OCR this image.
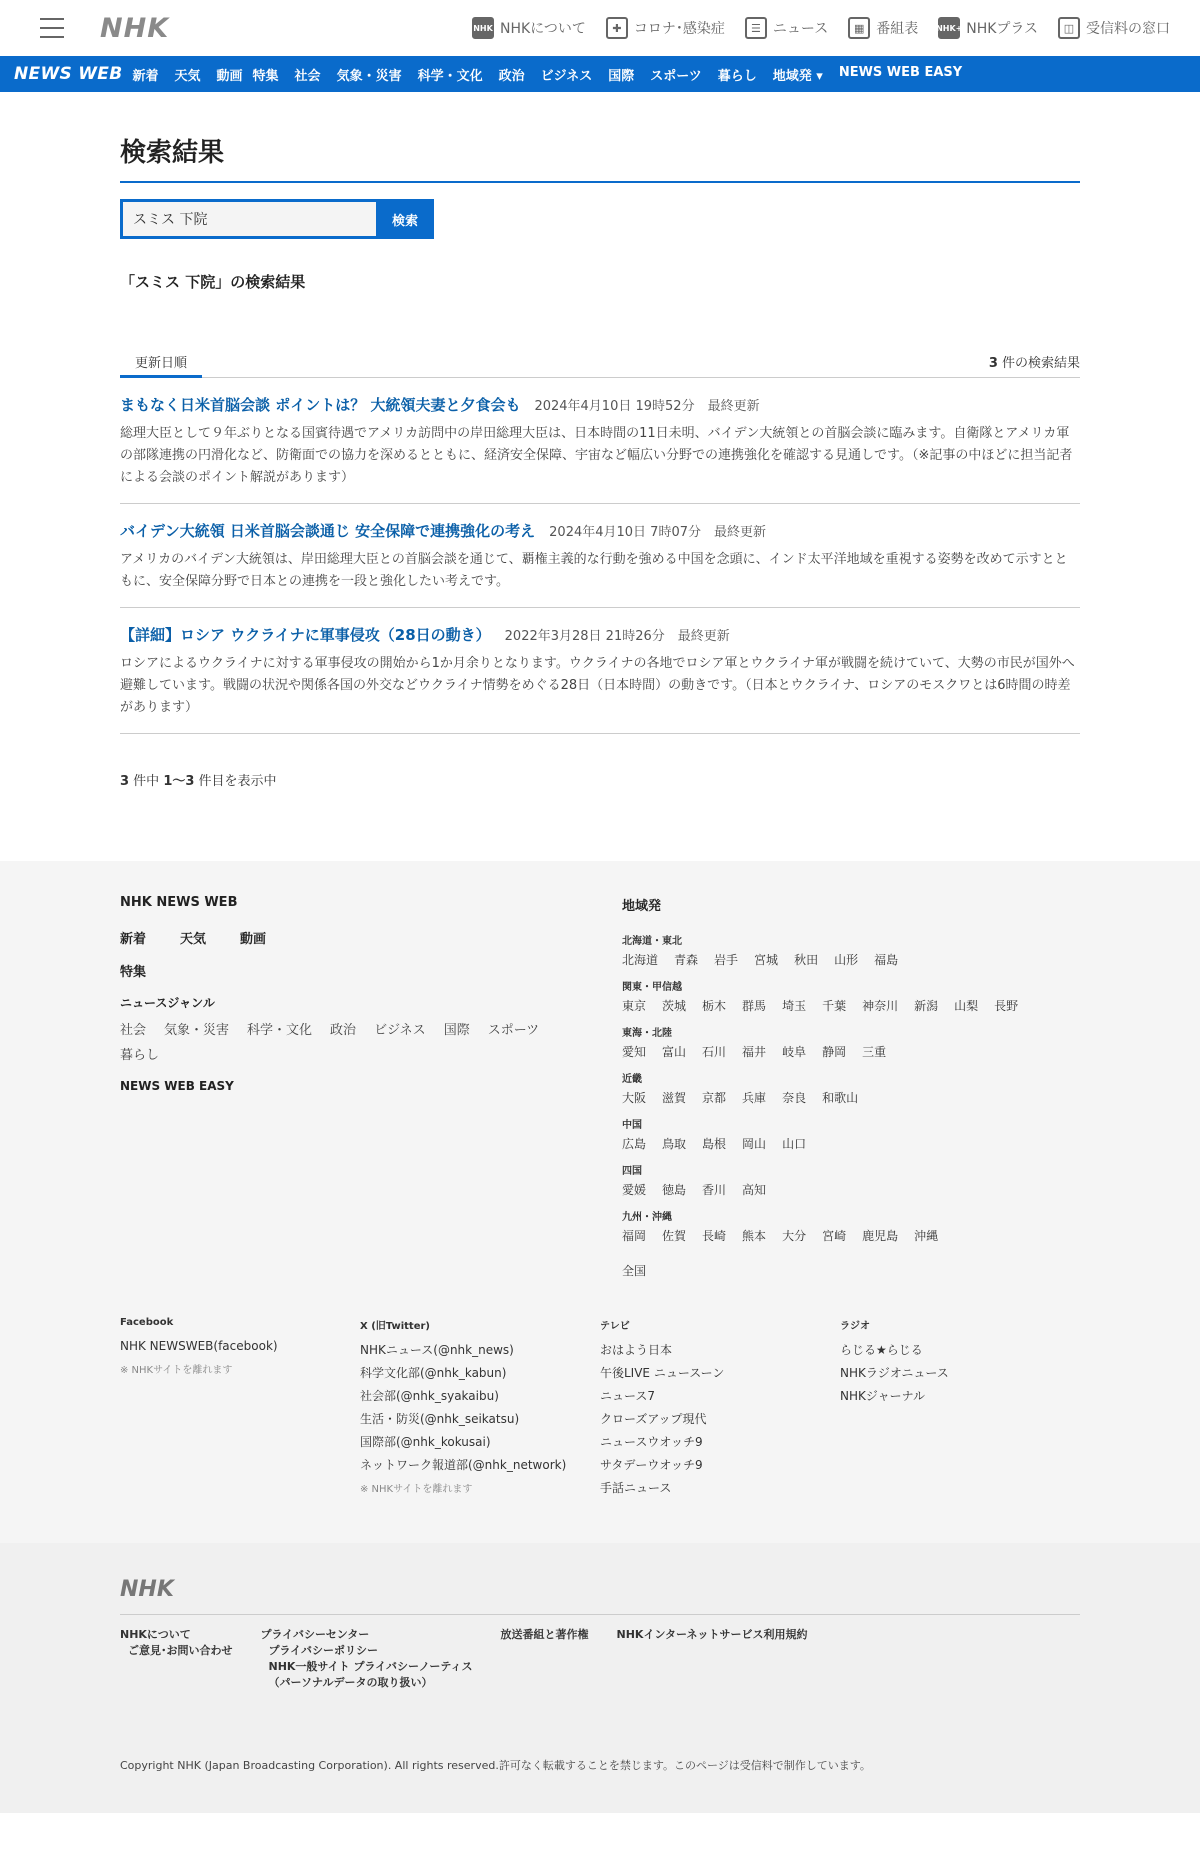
NHK	NHK NHKについて	✚ コロナ･感染症	☰ ニュース	▦ 番組表 NHK+ NHKプラス	◫ 受信料の窓口
NEWS WEB 新着 天気 動画 特集 社会 気象・災害 科学・文化 政治 ビジネス 国際 スポーツ 暮らし 地域発 ▾ NEWS WEB EASY
検索結果
スミス 下院
検索
「スミス 下院」の検索結果
更新日順	3 件の検索結果
まもなく日米首脳会談 ポイントは？ 大統領夫妻と夕食会も 2024年4月10日 19時52分　最終更新

総理大臣として９年ぶりとなる国賓待遇でアメリカ訪問中の岸田総理大臣は、日本時間の11日未明、バイデン大統領との首脳会談に臨みます。自衛隊とアメリカ軍の部隊連携の円滑化など、防衛面での協力を深めるとともに、経済安全保障、宇宙など幅広い分野での連携強化を確認する見通しです。（※記事の中ほどに担当記者による会談のポイント解説があります）

バイデン大統領 日米首脳会談通じ 安全保障で連携強化の考え 2024年4月10日 7時07分　最終更新

アメリカのバイデン大統領は、岸田総理大臣との首脳会談を通じて、覇権主義的な行動を強める中国を念頭に、インド太平洋地域を重視する姿勢を改めて示すとともに、安全保障分野で日本との連携を一段と強化したい考えです。

【詳細】ロシア ウクライナに軍事侵攻（28日の動き） 2022年3月28日 21時26分　最終更新

ロシアによるウクライナに対する軍事侵攻の開始から1か月余りとなります。ウクライナの各地でロシア軍とウクライナ軍が戦闘を続けていて、大勢の市民が国外へ避難しています。戦闘の状況や関係各国の外交などウクライナ情勢をめぐる28日（日本時間）の動きです。（日本とウクライナ、ロシアのモスクワとは6時間の時差があります）

3 件中 1〜3 件目を表示中
NHK NEWS WEB
新着	天気	動画
特集
ニュースジャンル
社会 気象・災害 科学・文化 政治 ビジネス 国際 スポーツ
暮らし
NEWS WEB EASY
地域発
北海道・東北
北海道 青森 岩手 宮城 秋田 山形 福島
関東・甲信越
東京 茨城 栃木 群馬 埼玉 千葉 神奈川 新潟 山梨 長野
東海・北陸
愛知 富山 石川 福井 岐阜 静岡 三重
近畿
大阪 滋賀 京都 兵庫 奈良 和歌山
中国
広島 鳥取 島根 岡山 山口
四国
愛媛 徳島 香川 高知
九州・沖縄
福岡 佐賀 長崎 熊本 大分 宮崎 鹿児島 沖縄
全国
Facebook
NHK NEWSWEB(facebook)
※ NHKサイトを離れます
X (旧Twitter)
NHKニュース(@nhk_news)
科学文化部(@nhk_kabun)
社会部(@nhk_syakaibu)
生活・防災(@nhk_seikatsu)
国際部(@nhk_kokusai)
ネットワーク報道部(@nhk_network)
※ NHKサイトを離れます
テレビ
おはよう日本
午後LIVE ニュースーン
ニュース7
クローズアップ現代
ニュースウオッチ9
サタデーウオッチ9
手話ニュース
ラジオ
らじる★らじる
NHKラジオニュース
NHKジャーナル
NHK
NHKについて
ご意見･お問い合わせ
プライバシーセンター
プライバシーポリシー
NHK一般サイト プライバシーノーティス
（パーソナルデータの取り扱い）
放送番組と著作権	NHKインターネットサービス利用規約
Copyright NHK (Japan Broadcasting Corporation). All rights reserved.許可なく転載することを禁じます。このページは受信料で制作しています。
